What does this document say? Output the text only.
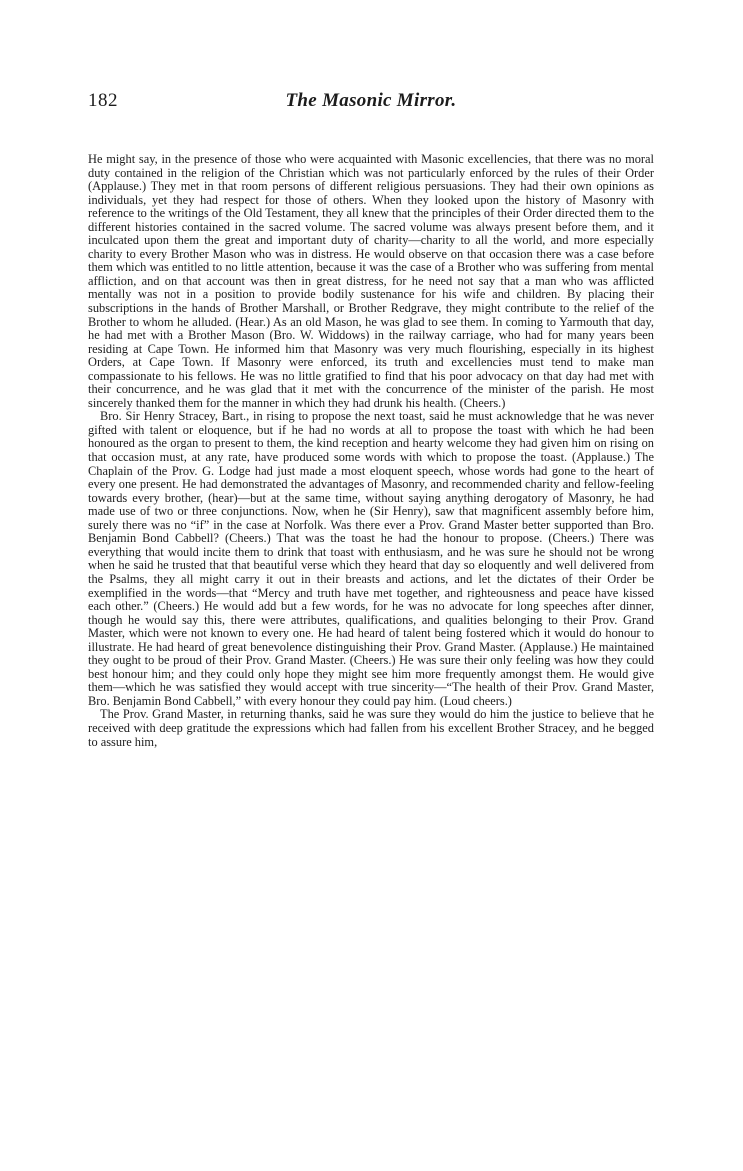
182	The Masonic Mirror.

He might say, in the presence of those who were acquainted with Masonic excellencies, that there was no moral duty contained in the religion of the Christian which was not particularly enforced by the rules of their Order (Applause.) They met in that room persons of different religious persuasions. They had their own opinions as individuals, yet they had respect for those of others. When they looked upon the history of Masonry with reference to the writings of the Old Testament, they all knew that the principles of their Order directed them to the different histories contained in the sacred volume. The sacred volume was always present before them, and it inculcated upon them the great and important duty of charity—charity to all the world, and more especially charity to every Brother Mason who was in distress. He would observe on that occasion there was a case before them which was entitled to no little attention, because it was the case of a Brother who was suffering from mental affliction, and on that account was then in great distress, for he need not say that a man who was afflicted mentally was not in a position to provide bodily sustenance for his wife and children. By placing their subscriptions in the hands of Brother Marshall, or Brother Redgrave, they might contribute to the relief of the Brother to whom he alluded. (Hear.) As an old Mason, he was glad to see them. In coming to Yarmouth that day, he had met with a Brother Mason (Bro. W. Widdows) in the railway carriage, who had for many years been residing at Cape Town. He informed him that Masonry was very much flourishing, especially in its highest Orders, at Cape Town. If Masonry were enforced, its truth and excellencies must tend to make man compassionate to his fellows. He was no little gratified to find that his poor advocacy on that day had met with their concurrence, and he was glad that it met with the concurrence of the minister of the parish. He most sincerely thanked them for the manner in which they had drunk his health. (Cheers.)

Bro. Sir Henry Stracey, Bart., in rising to propose the next toast, said he must acknowledge that he was never gifted with talent or eloquence, but if he had no words at all to propose the toast with which he had been honoured as the organ to present to them, the kind reception and hearty welcome they had given him on rising on that occasion must, at any rate, have produced some words with which to propose the toast. (Applause.) The Chaplain of the Prov. G. Lodge had just made a most eloquent speech, whose words had gone to the heart of every one present. He had demonstrated the advantages of Masonry, and recommended charity and fellow-feeling towards every brother, (hear)—but at the same time, without saying anything derogatory of Masonry, he had made use of two or three conjunctions. Now, when he (Sir Henry), saw that magnificent assembly before him, surely there was no “if” in the case at Norfolk. Was there ever a Prov. Grand Master better supported than Bro. Benjamin Bond Cabbell? (Cheers.) That was the toast he had the honour to propose. (Cheers.) There was everything that would incite them to drink that toast with enthusiasm, and he was sure he should not be wrong when he said he trusted that that beautiful verse which they heard that day so eloquently and well delivered from the Psalms, they all might carry it out in their breasts and actions, and let the dictates of their Order be exemplified in the words—that “Mercy and truth have met together, and righteousness and peace have kissed each other.” (Cheers.) He would add but a few words, for he was no advocate for long speeches after dinner, though he would say this, there were attributes, qualifications, and qualities belonging to their Prov. Grand Master, which were not known to every one. He had heard of talent being fostered which it would do honour to illustrate. He had heard of great benevolence distinguishing their Prov. Grand Master. (Applause.) He maintained they ought to be proud of their Prov. Grand Master. (Cheers.) He was sure their only feeling was how they could best honour him; and they could only hope they might see him more frequently amongst them. He would give them—which he was satisfied they would accept with true sincerity—“The health of their Prov. Grand Master, Bro. Benjamin Bond Cabbell,” with every honour they could pay him. (Loud cheers.)

The Prov. Grand Master, in returning thanks, said he was sure they would do him the justice to believe that he received with deep gratitude the expressions which had fallen from his excellent Brother Stracey, and he begged to assure him,
